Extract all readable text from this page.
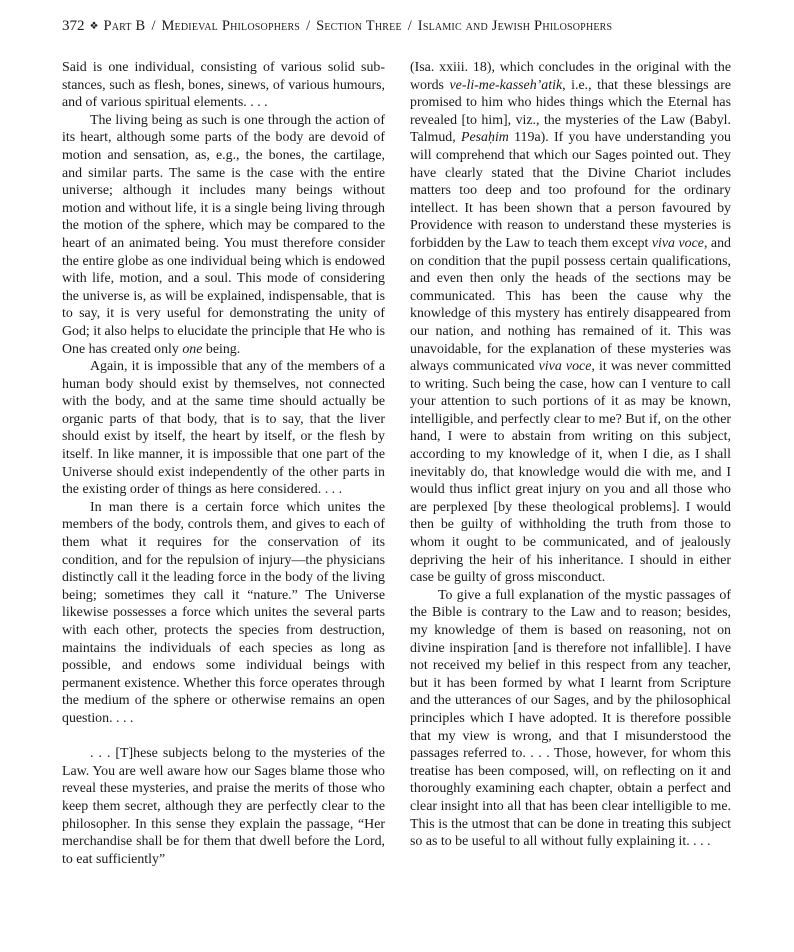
372 ❖ Part B / Medieval Philosophers / Section Three / Islamic and Jewish Philosophers

Said is one individual, consisting of various solid substances, such as flesh, bones, sinews, of various humours, and of various spiritual elements. . . .

The living being as such is one through the action of its heart, although some parts of the body are devoid of motion and sensation, as, e.g., the bones, the cartilage, and similar parts. The same is the case with the entire universe; although it includes many beings without motion and without life, it is a single being living through the motion of the sphere, which may be compared to the heart of an animated being. You must therefore consider the entire globe as one individual being which is endowed with life, motion, and a soul. This mode of considering the universe is, as will be explained, indispensable, that is to say, it is very useful for demonstrating the unity of God; it also helps to elucidate the principle that He who is One has created only one being.

Again, it is impossible that any of the members of a human body should exist by themselves, not connected with the body, and at the same time should actually be organic parts of that body, that is to say, that the liver should exist by itself, the heart by itself, or the flesh by itself. In like manner, it is impossible that one part of the Universe should exist independently of the other parts in the existing order of things as here considered. . . .

In man there is a certain force which unites the members of the body, controls them, and gives to each of them what it requires for the conservation of its condition, and for the repulsion of injury—the physicians distinctly call it the leading force in the body of the living being; sometimes they call it “nature.” The Universe likewise possesses a force which unites the several parts with each other, protects the species from destruction, maintains the individuals of each species as long as possible, and endows some individual beings with permanent existence. Whether this force operates through the medium of the sphere or otherwise remains an open question. . . .

. . . [T]hese subjects belong to the mysteries of the Law. You are well aware how our Sages blame those who reveal these mysteries, and praise the merits of those who keep them secret, although they are perfectly clear to the philosopher. In this sense they explain the passage, “Her merchandise shall be for them that dwell before the Lord, to eat sufficiently”

(Isa. xxiii. 18), which concludes in the original with the words ve-li-me-kasseh’atik, i.e., that these blessings are promised to him who hides things which the Eternal has revealed [to him], viz., the mysteries of the Law (Babyl. Talmud, Pesaḥim 119a). If you have understanding you will comprehend that which our Sages pointed out. They have clearly stated that the Divine Chariot includes matters too deep and too profound for the ordinary intellect. It has been shown that a person favoured by Providence with reason to understand these mysteries is forbidden by the Law to teach them except viva voce, and on condition that the pupil possess certain qualifications, and even then only the heads of the sections may be communicated. This has been the cause why the knowledge of this mystery has entirely disappeared from our nation, and nothing has remained of it. This was unavoidable, for the explanation of these mysteries was always communicated viva voce, it was never committed to writing. Such being the case, how can I venture to call your attention to such portions of it as may be known, intelligible, and perfectly clear to me? But if, on the other hand, I were to abstain from writing on this subject, according to my knowledge of it, when I die, as I shall inevitably do, that knowledge would die with me, and I would thus inflict great injury on you and all those who are perplexed [by these theological problems]. I would then be guilty of withholding the truth from those to whom it ought to be communicated, and of jealously depriving the heir of his inheritance. I should in either case be guilty of gross misconduct.

To give a full explanation of the mystic passages of the Bible is contrary to the Law and to reason; besides, my knowledge of them is based on reasoning, not on divine inspiration [and is therefore not infallible]. I have not received my belief in this respect from any teacher, but it has been formed by what I learnt from Scripture and the utterances of our Sages, and by the philosophical principles which I have adopted. It is therefore possible that my view is wrong, and that I misunderstood the passages referred to. . . . Those, however, for whom this treatise has been composed, will, on reflecting on it and thoroughly examining each chapter, obtain a perfect and clear insight into all that has been clear intelligible to me. This is the utmost that can be done in treating this subject so as to be useful to all without fully explaining it. . . .
